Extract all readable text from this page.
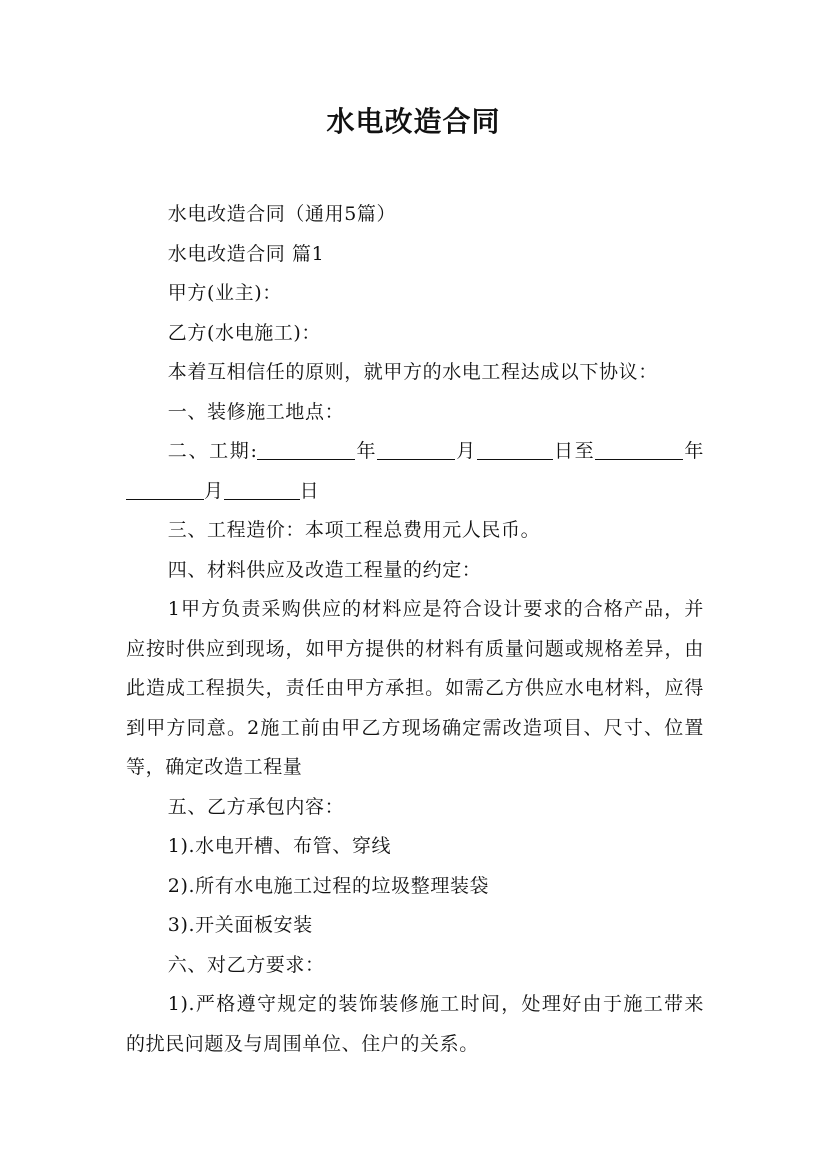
水电改造合同

水电改造合同（通用5篇）

水电改造合同 篇1

甲方(业主)：

乙方(水电施工)：

本着互相信任的原则，就甲方的水电工程达成以下协议：

一、装修施工地点：

二、工期:	年	月	日至	年月	日

三、工程造价：本项工程总费用元人民币。

四、材料供应及改造工程量的约定：

1甲方负责采购供应的材料应是符合设计要求的合格产品，并应按时供应到现场，如甲方提供的材料有质量问题或规格差异，由此造成工程损失，责任由甲方承担。如需乙方供应水电材料，应得到甲方同意。2施工前由甲乙方现场确定需改造项目、尺寸、位置等，确定改造工程量

五、乙方承包内容：

1).水电开槽、布管、穿线

2).所有水电施工过程的垃圾整理装袋

3).开关面板安装

六、对乙方要求：

1).严格遵守规定的装饰装修施工时间，处理好由于施工带来的扰民问题及与周围单位、住户的关系。
